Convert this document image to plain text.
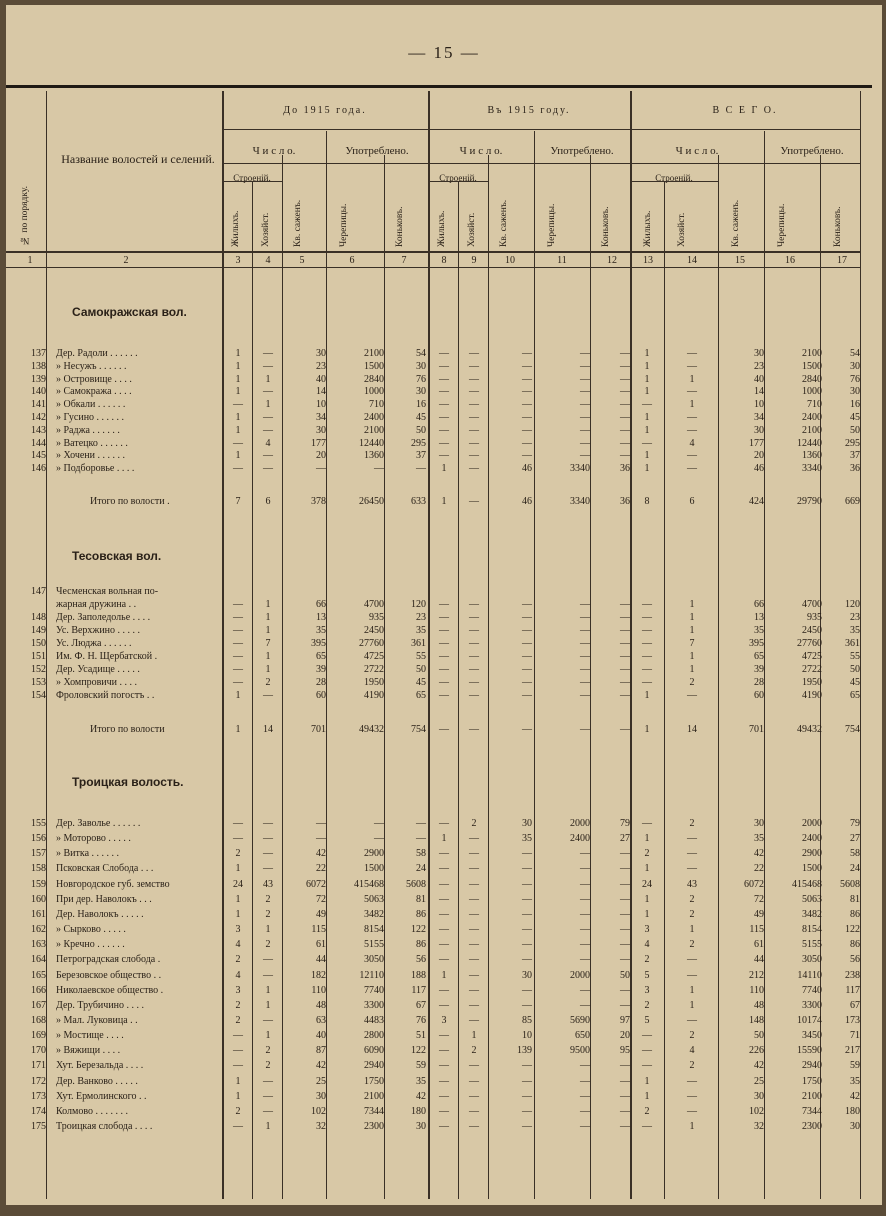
— 15 —
№ по порядку.
Название волостей и селений.
До 1915 года.	Въ 1915 году.	В С Е Г О.
Ч и с л о.	Употреблено.	Ч и с л о.	Употреблено.	Ч и с л о.	Употреблено.
Строеній.	Строеній.	Строеній.
Жилыхъ. Хозяйст. Кв. саженъ.	Черепицы.	Коньковъ.	Жилыхъ. Хозяйст. Кв. саженъ.	Черепицы.	Коньковъ.	Жилыхъ.	Хозяйст.	Кв. саженъ.	Черепицы.	Коньковъ.
1	2	3	4	5	6	7	8	9	10	11	12	13	14	15	16	17
Самокражская вол.
137 Дер. Радоли . . . . . .	1	—	30	2100	54	—	—	—	—	—	1	—	30	2100	54
138 » Несужъ . . . . . .	1	—	23	1500	30	—	—	—	—	—	1	—	23	1500	30
139 » Островище . . . .	1	1	40	2840	76	—	—	—	—	—	1	1	40	2840	76
140 » Самокража . . . .	1	—	14	1000	30	—	—	—	—	—	1	—	14	1000	30
141 » Обкали . . . . . .	—	1	10	710	16	—	—	—	—	—	—	1	10	710	16
142 » Гусино . . . . . .	1	—	34	2400	45	—	—	—	—	—	1	—	34	2400	45
143 » Раджа . . . . . .	1	—	30	2100	50	—	—	—	—	—	1	—	30	2100	50
144 » Ватецко . . . . . .	—	4	177	12440	295	—	—	—	—	—	—	4	177	12440	295
145 » Хочени . . . . . .	1	—	20	1360	37	—	—	—	—	—	1	—	20	1360	37
146 » Подборовье . . . .	—	—	—	—	—	1	—	46	3340	36	1	—	46	3340	36
Итого по волости .	7	6	378	26450	633	1	—	46	3340	36	8	6	424	29790	669
Тесовская вол.
147 Чесменская вольная по-
жарная дружина . .	—	1	66	4700	120	—	—	—	—	—	—	1	66	4700	120
148 Дер. Заполедолье . . . .	—	1	13	935	23	—	—	—	—	—	—	1	13	935	23
149 Ус. Верхжино . . . . .	—	1	35	2450	35	—	—	—	—	—	—	1	35	2450	35
150 Ус. Люджа . . . . . .	—	7	395	27760	361	—	—	—	—	—	—	7	395	27760	361
151 Им. Ф. Н. Щербатской .	—	1	65	4725	55	—	—	—	—	—	—	1	65	4725	55
152 Дер. Усадище . . . . .	—	1	39	2722	50	—	—	—	—	—	—	1	39	2722	50
153 » Хомпровичи . . . .	—	2	28	1950	45	—	—	—	—	—	—	2	28	1950	45
154 Фроловский погостъ . .	1	—	60	4190	65	—	—	—	—	—	1	—	60	4190	65
Итого по волости	1	14	701	49432	754	—	—	—	—	—	1	14	701	49432	754
Троицкая волость.
155 Дер. Заволье . . . . . .	—	—	—	—	—	—	2	30	2000	79	—	2	30	2000	79
156 » Моторово . . . . .	—	—	—	—	—	1	—	35	2400	27	1	—	35	2400	27
157 » Витка . . . . . .	2	—	42	2900	58	—	—	—	—	—	2	—	42	2900	58
158 Псковская Слобода . . .	1	—	22	1500	24	—	—	—	—	—	1	—	22	1500	24
159 Новгородское губ. земство	24	43	6072	415468	5608	—	—	—	—	—	24	43	6072	415468	5608
160 При дер. Наволокъ . . .	1	2	72	5063	81	—	—	—	—	—	1	2	72	5063	81
161 Дер. Наволокъ . . . . .	1	2	49	3482	86	—	—	—	—	—	1	2	49	3482	86
162 » Сырково . . . . .	3	1	115	8154	122	—	—	—	—	—	3	1	115	8154	122
163 » Кречно . . . . . .	4	2	61	5155	86	—	—	—	—	—	4	2	61	5155	86
164 Петроградская слобода .	2	—	44	3050	56	—	—	—	—	—	2	—	44	3050	56
165 Березовское общество . .	4	—	182	12110	188	1	—	30	2000	50	5	—	212	14110	238
166 Николаевское общество .	3	1	110	7740	117	—	—	—	—	—	3	1	110	7740	117
167 Дер. Трубичино . . . .	2	1	48	3300	67	—	—	—	—	—	2	1	48	3300	67
168 » Мал. Луковица . .	2	—	63	4483	76	3	—	85	5690	97	5	—	148	10174	173
169 » Мостище . . . .	—	1	40	2800	51	—	1	10	650	20	—	2	50	3450	71
170 » Вяжищи . . . .	—	2	87	6090	122	—	2	139	9500	95	—	4	226	15590	217
171 Хут. Березальда . . . .	—	2	42	2940	59	—	—	—	—	—	—	2	42	2940	59
172 Дер. Ванково . . . . .	1	—	25	1750	35	—	—	—	—	—	1	—	25	1750	35
173 Хут. Ермолинского . .	1	—	30	2100	42	—	—	—	—	—	1	—	30	2100	42
174 Колмово . . . . . . .	2	—	102	7344	180	—	—	—	—	—	2	—	102	7344	180
175 Троицкая слобода . . . .	—	1	32	2300	30	—	—	—	—	—	—	1	32	2300	30
